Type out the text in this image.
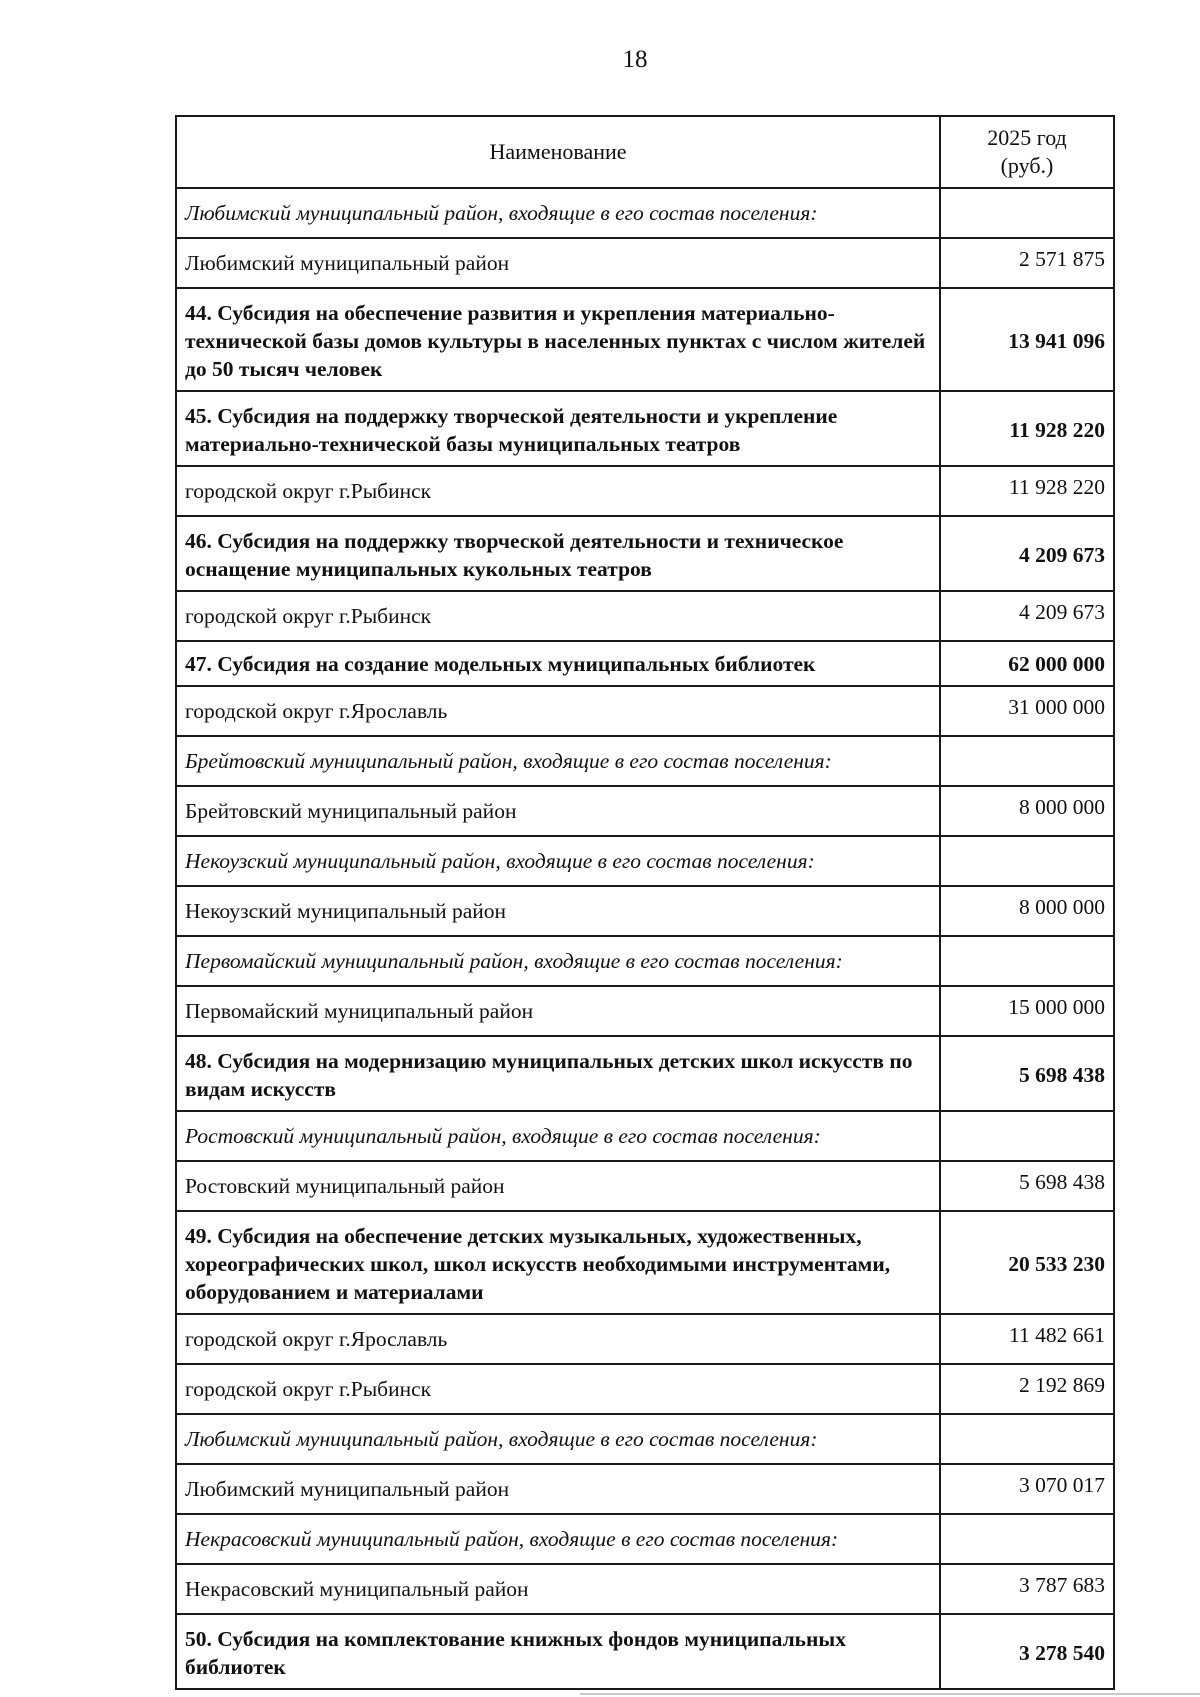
18
Наименование	2025 год
(руб.)
Любимский муниципальный район, входящие в его состав поселения:	
Любимский муниципальный район	2 571 875
44. Субсидия на обеспечение развития и укрепления материально-технической базы домов культуры в населенных пунктах с числом жителей до 50 тысяч человек	13 941 096
45. Субсидия на поддержку творческой деятельности и укрепление материально-технической базы муниципальных театров	11 928 220
городской округ г.Рыбинск	11 928 220
46. Субсидия на поддержку творческой деятельности и техническое оснащение муниципальных кукольных театров	4 209 673
городской округ г.Рыбинск	4 209 673
47. Субсидия на создание модельных муниципальных библиотек	62 000 000
городской округ г.Ярославль	31 000 000
Брейтовский муниципальный район, входящие в его состав поселения:	
Брейтовский муниципальный район	8 000 000
Некоузский муниципальный район, входящие в его состав поселения:	
Некоузский муниципальный район	8 000 000
Первомайский муниципальный район, входящие в его состав поселения:	
Первомайский муниципальный район	15 000 000
48. Субсидия на модернизацию муниципальных детских школ искусств по видам искусств	5 698 438
Ростовский муниципальный район, входящие в его состав поселения:	
Ростовский муниципальный район	5 698 438
49. Субсидия на обеспечение детских музыкальных, художественных, хореографических школ, школ искусств необходимыми инструментами, оборудованием и материалами	20 533 230
городской округ г.Ярославль	11 482 661
городской округ г.Рыбинск	2 192 869
Любимский муниципальный район, входящие в его состав поселения:	
Любимский муниципальный район	3 070 017
Некрасовский муниципальный район, входящие в его состав поселения:	
Некрасовский муниципальный район	3 787 683
50. Субсидия на комплектование книжных фондов муниципальных библиотек	3 278 540
